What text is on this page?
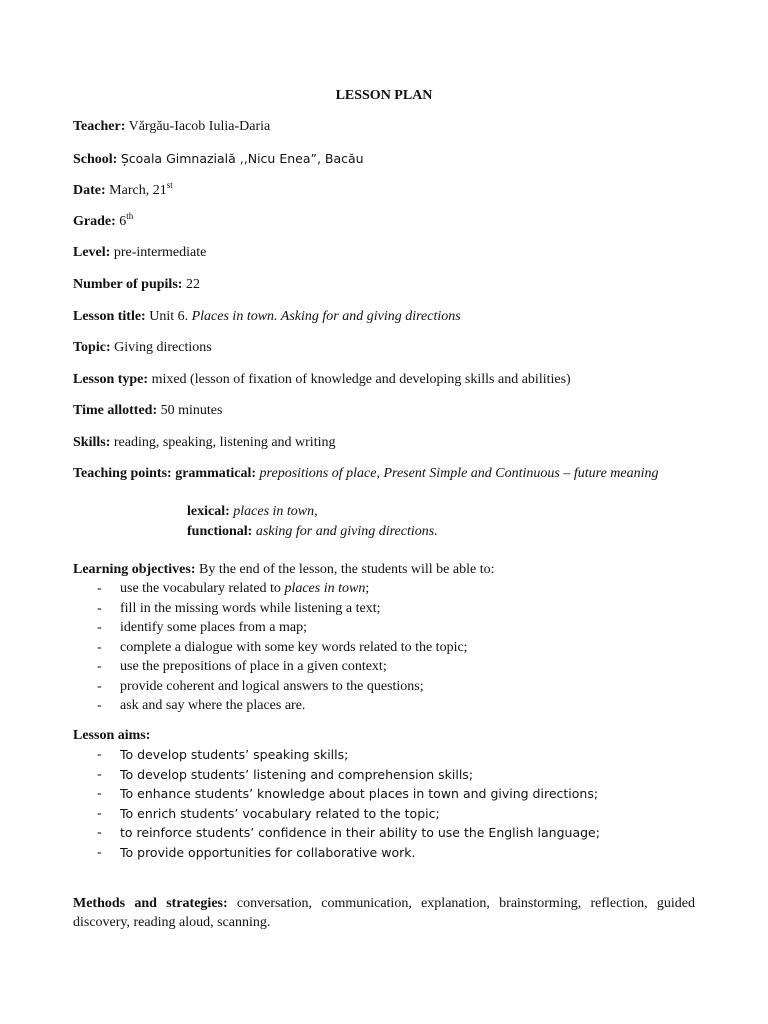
LESSON PLAN
Teacher: Vărgău-Iacob Iulia-Daria
School: Școala Gimnazială ,,Nicu Enea”, Bacău
Date: March, 21st
Grade: 6th
Level: pre-intermediate
Number of pupils: 22
Lesson title: Unit 6. Places in town. Asking for and giving directions
Topic: Giving directions
Lesson type: mixed (lesson of fixation of knowledge and developing skills and abilities)
Time allotted: 50 minutes
Skills: reading, speaking, listening and writing
Teaching points: grammatical: prepositions of place, Present Simple and Continuous – future meaning
lexical: places in town,
functional: asking for and giving directions.
Learning objectives: By the end of the lesson, the students will be able to:
- use the vocabulary related to places in town;
- fill in the missing words while listening a text;
- identify some places from a map;
- complete a dialogue with some key words related to the topic;
- use the prepositions of place in a given context;
- provide coherent and logical answers to the questions;
- ask and say where the places are.
Lesson aims:
- To develop students’ speaking skills;
- To develop students’ listening and comprehension skills;
- To enhance students’ knowledge about places in town and giving directions;
- To enrich students’ vocabulary related to the topic;
- to reinforce students’ confidence in their ability to use the English language;
- To provide opportunities for collaborative work.
Methods and strategies: conversation, communication, explanation, brainstorming, reflection, guided discovery, reading aloud, scanning.
